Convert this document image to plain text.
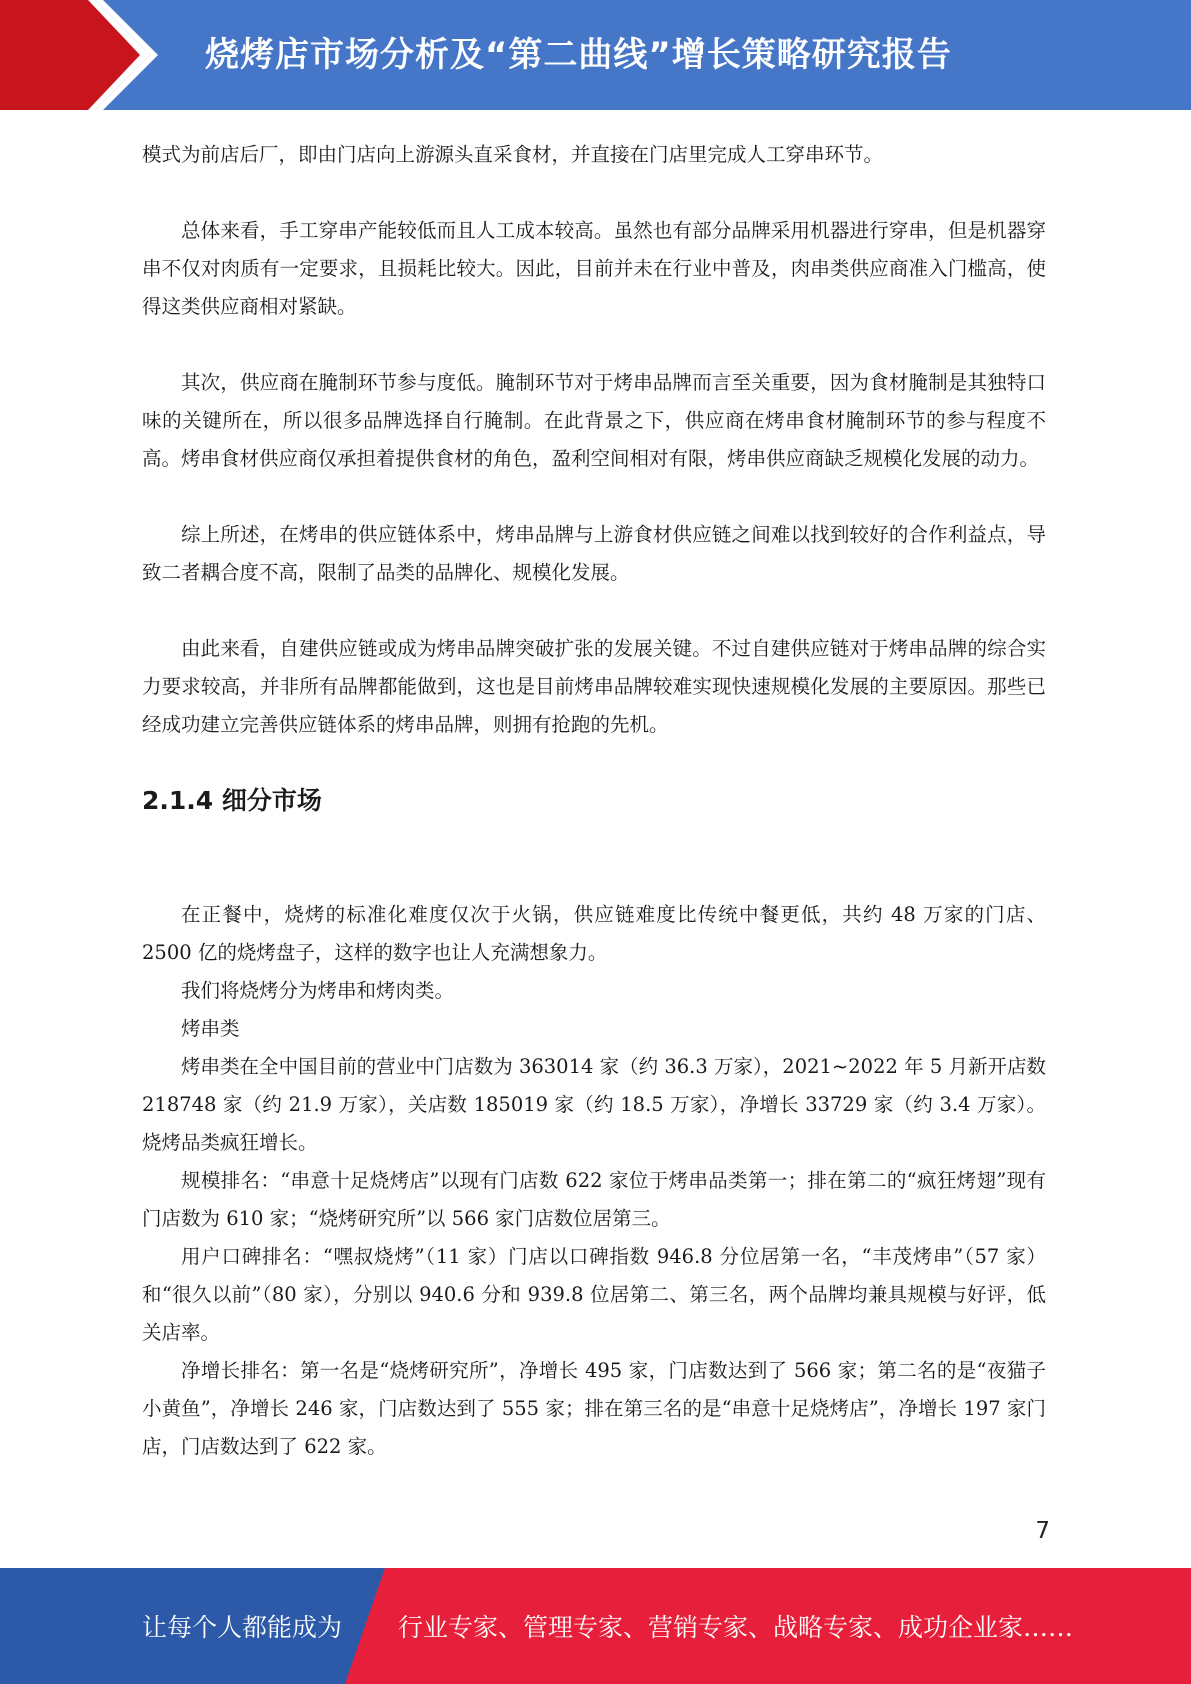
烧烤店市场分析及“第二曲线”增长策略研究报告

模式为前店后厂，即由门店向上游源头直采食材，并直接在门店里完成人工穿串环节。

总体来看，手工穿串产能较低而且人工成本较高。虽然也有部分品牌采用机器进行穿串，但是机器穿串不仅对肉质有一定要求，且损耗比较大。因此，目前并未在行业中普及，肉串类供应商准入门槛高，使得这类供应商相对紧缺。

其次，供应商在腌制环节参与度低。腌制环节对于烤串品牌而言至关重要，因为食材腌制是其独特口味的关键所在，所以很多品牌选择自行腌制。在此背景之下，供应商在烤串食材腌制环节的参与程度不高。烤串食材供应商仅承担着提供食材的角色，盈利空间相对有限，烤串供应商缺乏规模化发展的动力。

综上所述，在烤串的供应链体系中，烤串品牌与上游食材供应链之间难以找到较好的合作利益点，导致二者耦合度不高，限制了品类的品牌化、规模化发展。

由此来看，自建供应链或成为烤串品牌突破扩张的发展关键。不过自建供应链对于烤串品牌的综合实力要求较高，并非所有品牌都能做到，这也是目前烤串品牌较难实现快速规模化发展的主要原因。那些已经成功建立完善供应链体系的烤串品牌，则拥有抢跑的先机。

2.1.4 细分市场

在正餐中，烧烤的标准化难度仅次于火锅，供应链难度比传统中餐更低，共约 48 万家的门店、2500 亿的烧烤盘子，这样的数字也让人充满想象力。

我们将烧烤分为烤串和烤肉类。

烤串类

烤串类在全中国目前的营业中门店数为 363014 家（约 36.3 万家），2021~2022 年 5 月新开店数 218748 家（约 21.9 万家），关店数 185019 家（约 18.5 万家），净增长 33729 家（约 3.4 万家）。烧烤品类疯狂增长。

规模排名：“串意十足烧烤店”以现有门店数 622 家位于烤串品类第一；排在第二的“疯狂烤翅”现有门店数为 610 家；“烧烤研究所”以 566 家门店数位居第三。

用户口碑排名：“嘿叔烧烤”（11 家）门店以口碑指数 946.8 分位居第一名，“丰茂烤串”（57 家）和“很久以前”（80 家），分别以 940.6 分和 939.8 位居第二、第三名，两个品牌均兼具规模与好评，低关店率。

净增长排名：第一名是“烧烤研究所”，净增长 495 家，门店数达到了 566 家；第二名的是“夜猫子小黄鱼”，净增长 246 家，门店数达到了 555 家；排在第三名的是“串意十足烧烤店”，净增长 197 家门店，门店数达到了 622 家。

7
让每个人都能成为 行业专家、管理专家、营销专家、战略专家、成功企业家……
